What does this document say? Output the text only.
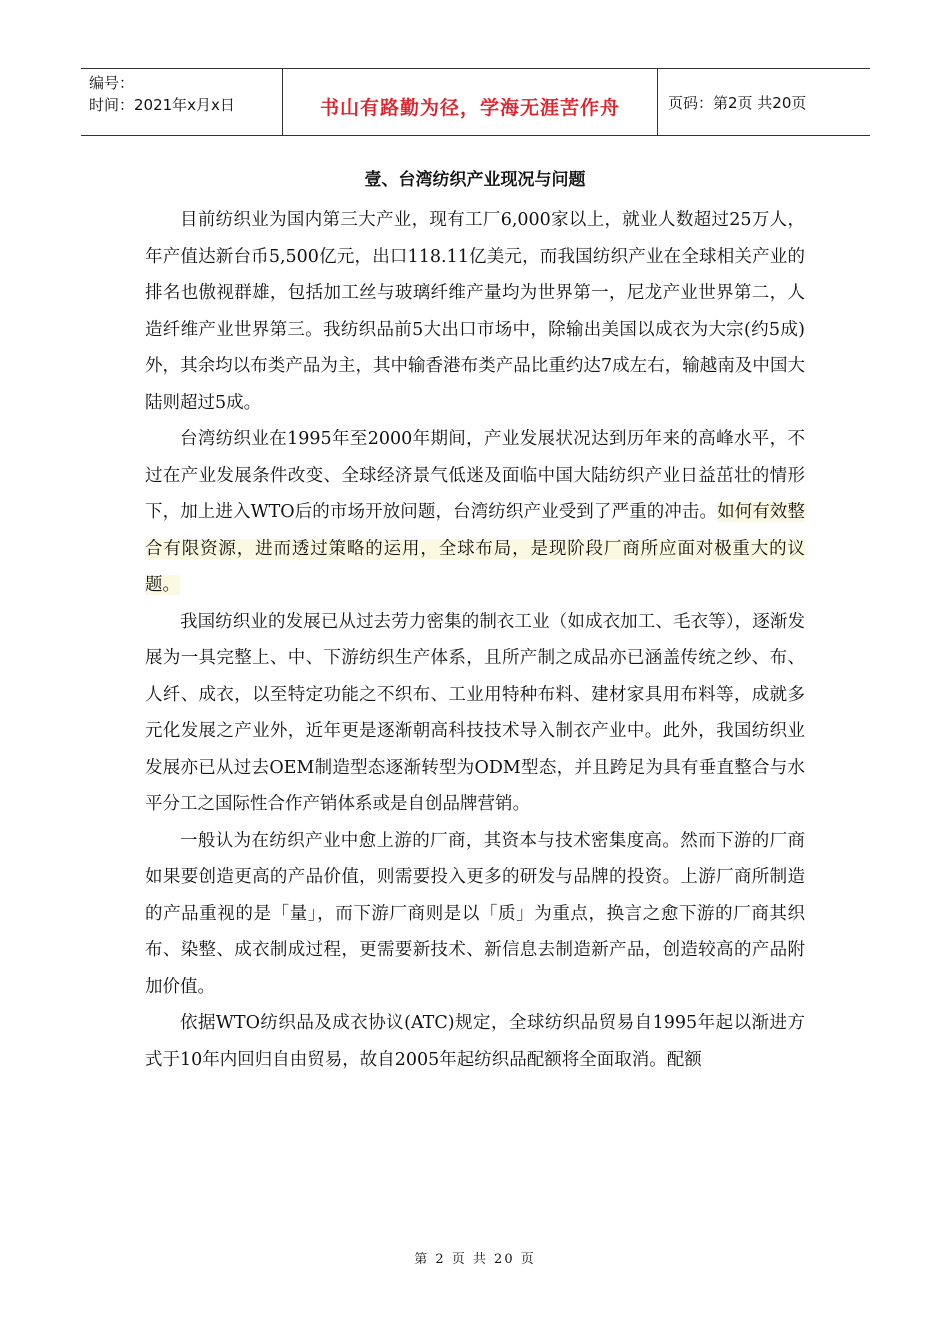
编号：
时间：2021年x月x日	书山有路勤为径，学海无涯苦作舟	页码：第2页 共20页
壹、台湾纺织产业现况与问题

目前纺织业为国内第三大产业，现有工厂6,000家以上，就业人数超过25万人，年产值达新台币5,500亿元，出口118.11亿美元，而我国纺织产业在全球相关产业的排名也傲视群雄，包括加工丝与玻璃纤维产量均为世界第一，尼龙产业世界第二，人造纤维产业世界第三。我纺织品前5大出口市场中，除输出美国以成衣为大宗(约5成)外，其余均以布类产品为主，其中输香港布类产品比重约达7成左右，输越南及中国大陆则超过5成。

台湾纺织业在1995年至2000年期间，产业发展状况达到历年来的高峰水平，不过在产业发展条件改变、全球经济景气低迷及面临中国大陆纺织产业日益茁壮的情形下，加上进入WTO后的市场开放问题，台湾纺织产业受到了严重的冲击。如何有效整合有限资源，进而透过策略的运用，全球布局，是现阶段厂商所应面对极重大的议题。

我国纺织业的发展已从过去劳力密集的制衣工业（如成衣加工、毛衣等），逐渐发展为一具完整上、中、下游纺织生产体系，且所产制之成品亦已涵盖传统之纱、布、人纤、成衣，以至特定功能之不织布、工业用特种布料、建材家具用布料等，成就多元化发展之产业外，近年更是逐渐朝高科技技术导入制衣产业中。此外，我国纺织业发展亦已从过去OEM制造型态逐渐转型为ODM型态，并且跨足为具有垂直整合与水平分工之国际性合作产销体系或是自创品牌营销。

一般认为在纺织产业中愈上游的厂商，其资本与技术密集度高。然而下游的厂商如果要创造更高的产品价值，则需要投入更多的研发与品牌的投资。上游厂商所制造的产品重视的是「量」，而下游厂商则是以「质」为重点，换言之愈下游的厂商其织布、染整、成衣制成过程，更需要新技术、新信息去制造新产品，创造较高的产品附加价值。

依据WTO纺织品及成衣协议(ATC)规定，全球纺织品贸易自1995年起以渐进方式于10年内回归自由贸易，故自2005年起纺织品配额将全面取消。配额

第 2 页 共 20 页
